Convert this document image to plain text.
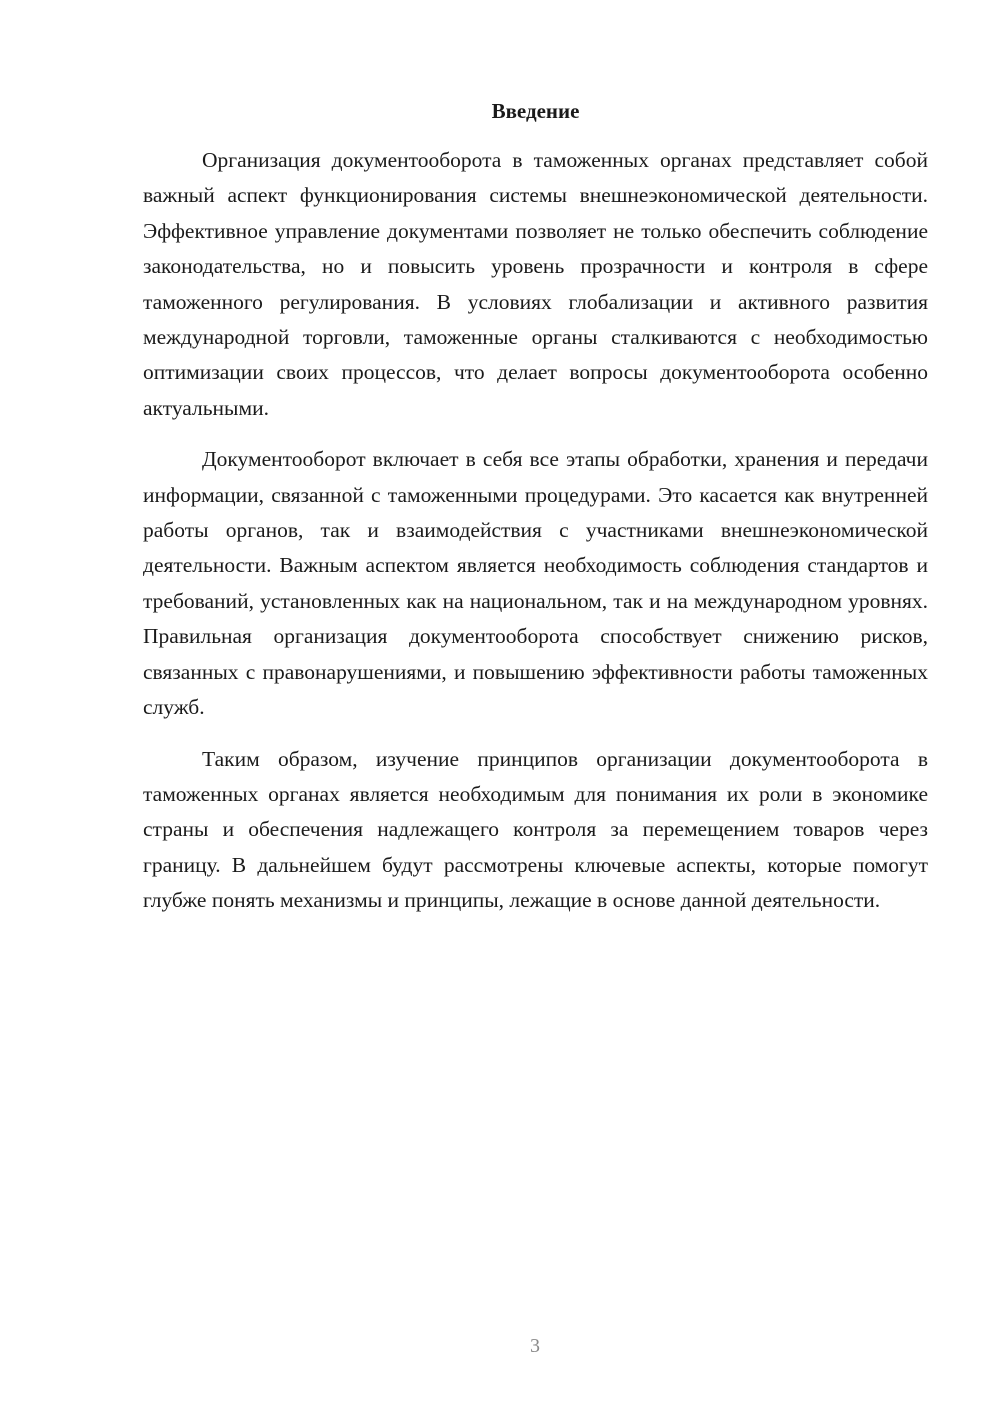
Введение

Организация документооборота в таможенных органах представляет собой важный аспект функционирования системы внешнеэкономической деятельности. Эффективное управление документами позволяет не только обеспечить соблюдение законодательства, но и повысить уровень прозрачности и контроля в сфере таможенного регулирования. В условиях глобализации и активного развития международной торговли, таможенные органы сталкиваются с необходимостью оптимизации своих процессов, что делает вопросы документооборота особенно актуальными.

Документооборот включает в себя все этапы обработки, хранения и передачи информации, связанной с таможенными процедурами. Это касается как внутренней работы органов, так и взаимодействия с участниками внешнеэкономической деятельности. Важным аспектом является необходимость соблюдения стандартов и требований, установленных как на национальном, так и на международном уровнях. Правильная организация документооборота способствует снижению рисков, связанных с правонарушениями, и повышению эффективности работы таможенных служб.

Таким образом, изучение принципов организации документооборота в таможенных органах является необходимым для понимания их роли в экономике страны и обеспечения надлежащего контроля за перемещением товаров через границу. В дальнейшем будут рассмотрены ключевые аспекты, которые помогут глубже понять механизмы и принципы, лежащие в основе данной деятельности.

3
